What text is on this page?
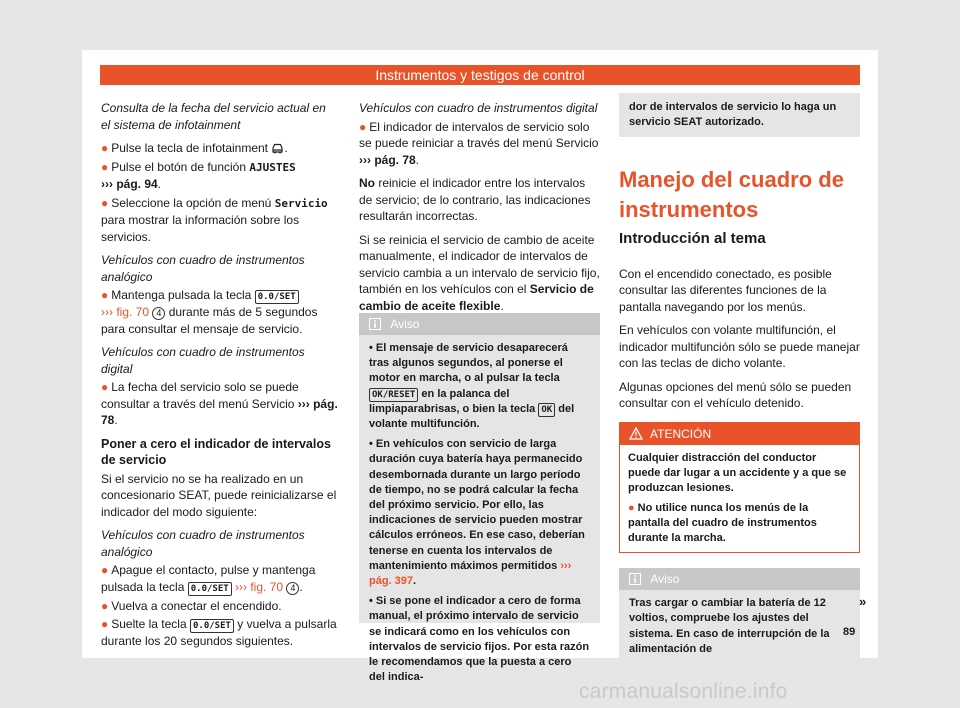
Instrumentos y testigos de control

Consulta de la fecha del servicio actual en el sistema de infotainment

● Pulse la tecla de infotainment .

● Pulse el botón de función AJUSTES
››› pág. 94.

● Seleccione la opción de menú Servicio para mostrar la información sobre los servicios.

Vehículos con cuadro de instrumentos analógico

● Mantenga pulsada la tecla 0.0/SET
››› fig. 70 4 durante más de 5 segundos para consultar el mensaje de servicio.

Vehículos con cuadro de instrumentos digital

● La fecha del servicio solo se puede consultar a través del menú Servicio ››› pág. 78.

Poner a cero el indicador de intervalos de servicio

Si el servicio no se ha realizado en un concesionario SEAT, puede reinicializarse el indicador del modo siguiente:

Vehículos con cuadro de instrumentos analógico

● Apague el contacto, pulse y mantenga pulsada la tecla 0.0/SET ››› fig. 70 4 .

● Vuelva a conectar el encendido.

● Suelte la tecla 0.0/SET y vuelva a pulsarla durante los 20 segundos siguientes.

Vehículos con cuadro de instrumentos digital

● El indicador de intervalos de servicio solo se puede reiniciar a través del menú Servicio ››› pág. 78.

No reinicie el indicador entre los intervalos de servicio; de lo contrario, las indicaciones resultarán incorrectas.

Si se reinicia el servicio de cambio de aceite manualmente, el indicador de intervalos de servicio cambia a un intervalo de servicio fijo, también en los vehículos con el Servicio de cambio de aceite flexible.

Aviso

• El mensaje de servicio desaparecerá tras algunos segundos, al ponerse el motor en marcha, o al pulsar la tecla OK/RESET en la palanca del limpiaparabrisas, o bien la tecla OK del volante multifunción.

• En vehículos con servicio de larga duración cuya batería haya permanecido desembornada durante un largo período de tiempo, no se podrá calcular la fecha del próximo servicio. Por ello, las indicaciones de servicio pueden mostrar cálculos erróneos. En ese caso, deberían tenerse en cuenta los intervalos de mantenimiento máximos permitidos ››› pág. 397.

• Si se pone el indicador a cero de forma manual, el próximo intervalo de servicio se indicará como en los vehículos con intervalos de servicio fijos. Por esta razón le recomendamos que la puesta a cero del indica-

dor de intervalos de servicio lo haga un servicio SEAT autorizado.
Manejo del cuadro de instrumentos
Introducción al tema

Con el encendido conectado, es posible consultar las diferentes funciones de la pantalla navegando por los menús.

En vehículos con volante multifunción, el indicador multifunción sólo se puede manejar con las teclas de dicho volante.

Algunas opciones del menú sólo se pueden consultar con el vehículo detenido.

ATENCIÓN

Cualquier distracción del conductor puede dar lugar a un accidente y a que se produzcan lesiones.

● No utilice nunca los menús de la pantalla del cuadro de instrumentos durante la marcha.

Aviso
Tras cargar o cambiar la batería de 12 voltios, compruebe los ajustes del sistema. En caso de interrupción de la alimentación de
»
89
carmanualsonline.info
